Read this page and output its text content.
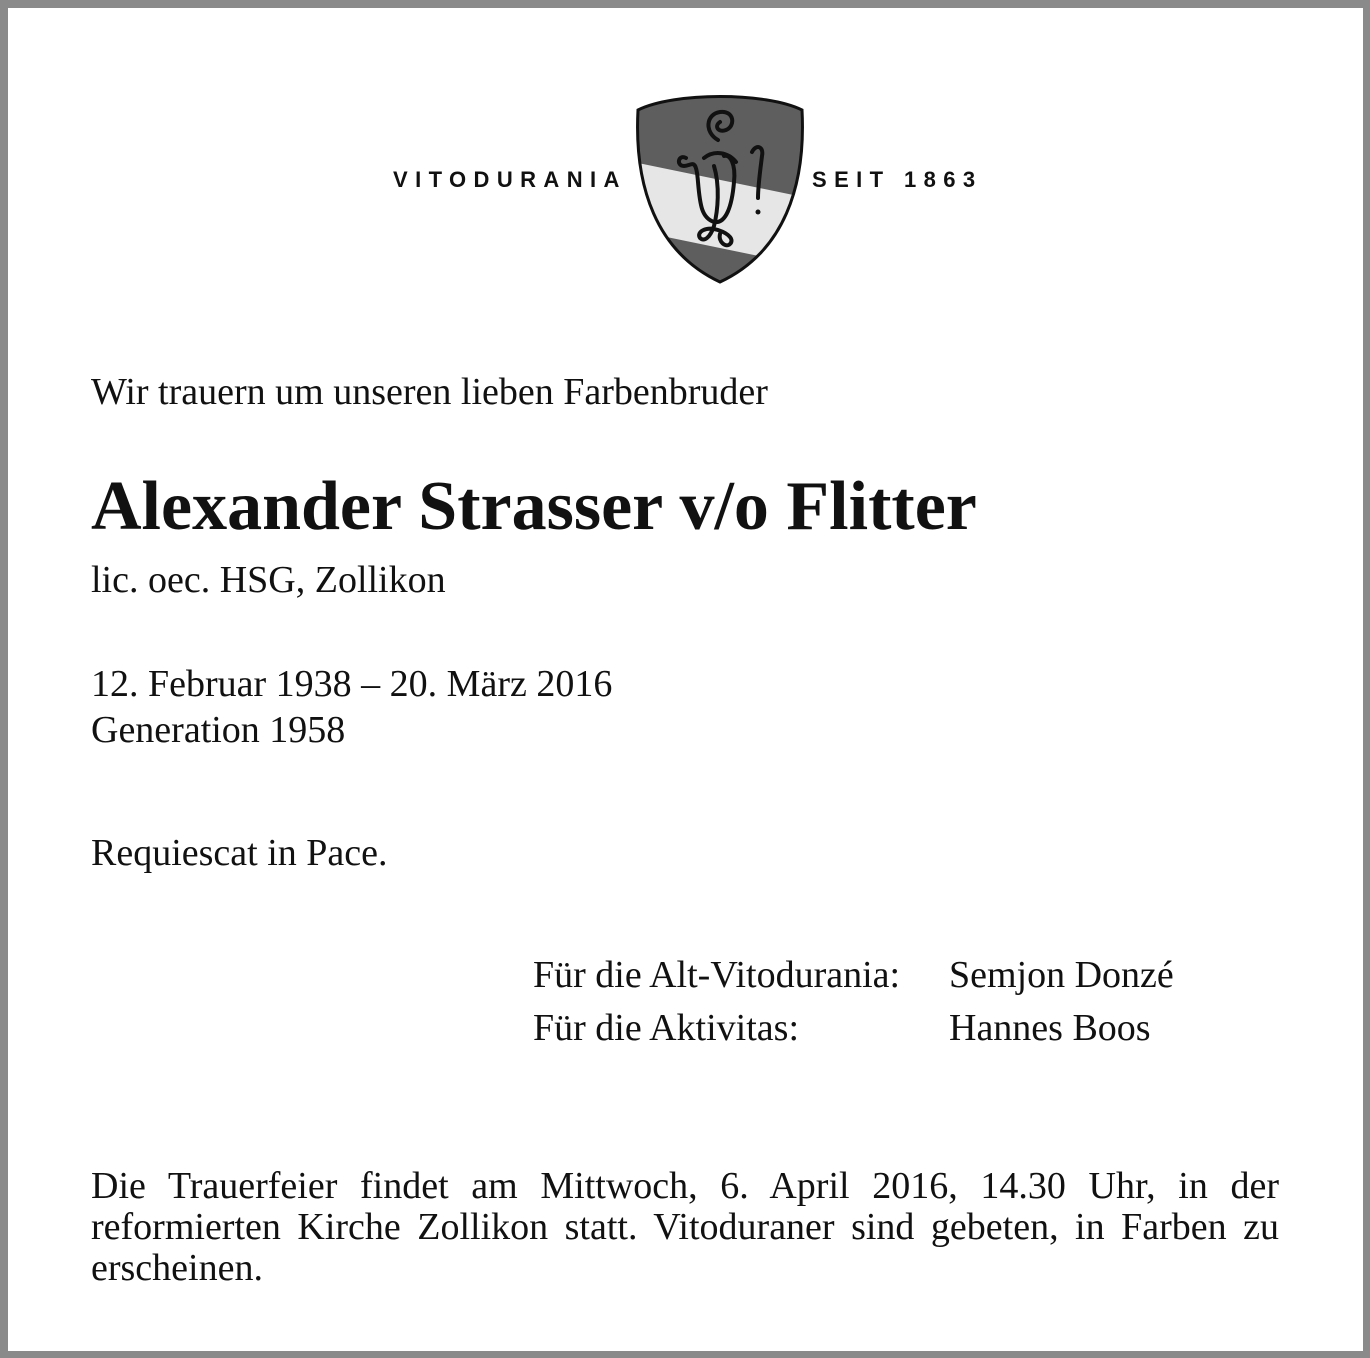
VITODURANIA	SEIT 1863
Wir trauern um unseren lieben Farbenbruder
Alexander Strasser v/o Flitter
lic. oec. HSG, Zollikon
12. Februar 1938 – 20. März 2016
Generation 1958
Requiescat in Pace.
Für die Alt-Vitodurania: Semjon Donzé
Für die Aktivitas:	Hannes Boos
Die Trauerfeier findet am Mittwoch, 6. April 2016, 14.30 Uhr, in der reformierten Kirche Zollikon statt. Vitoduraner sind gebeten, in Farben zu erscheinen.
